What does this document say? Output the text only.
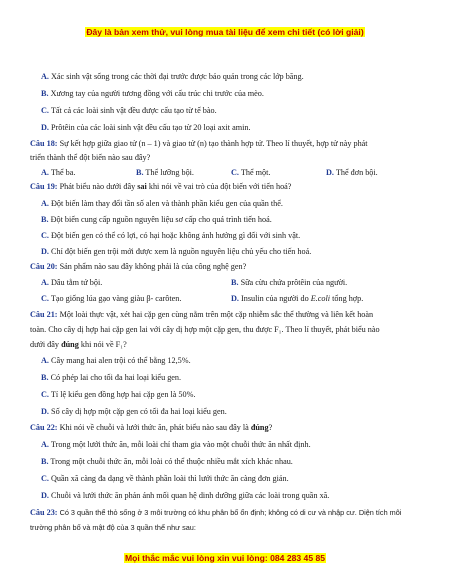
Đây là bản xem thử, vui lòng mua tài liệu để xem chi tiết (có lời giải)
A. Xác sinh vật sống trong các thời đại trước được bảo quản trong các lớp băng.
B. Xương tay của người tương đồng với cấu trúc chi trước của mèo.
C. Tất cả các loài sinh vật đều được cấu tạo từ tế bào.
D. Prôtêin của các loài sinh vật đều cấu tạo từ 20 loại axit amin.
Câu 18: Sự kết hợp giữa giao tử (n – 1) và giao tử (n) tạo thành hợp tử. Theo lí thuyết, hợp tử này phát
triển thành thể đột biến nào sau đây?
A. Thể ba.	B. Thể lưỡng bội.	C. Thể một.	D. Thể đơn bội.
Câu 19: Phát biểu nào dưới đây sai khi nói về vai trò của đột biến với tiến hoá?
A. Đột biến làm thay đổi tần số alen và thành phần kiểu gen của quần thể.
B. Đột biến cung cấp nguồn nguyên liệu sơ cấp cho quá trình tiến hoá.
C. Đột biến gen có thể có lợi, có hại hoặc không ảnh hưởng gì đối với sinh vật.
D. Chỉ đột biến gen trội mới được xem là nguồn nguyên liệu chủ yếu cho tiến hoá.
Câu 20: Sản phẩm nào sau đây không phải là của công nghệ gen?
A. Dâu tằm tứ bội.	B. Sữa cừu chứa prôtêin của người.
C. Tạo giống lúa gạo vàng giàu β- carôten.	D. Insulin của người do E.coli tổng hợp.
Câu 21: Một loài thực vật, xét hai cặp gen cùng nằm trên một cặp nhiễm sắc thể thường và liên kết hoàn
toàn. Cho cây dị hợp hai cặp gen lai với cây dị hợp một cặp gen, thu được F₁. Theo lí thuyết, phát biểu nào
dưới đây đúng khi nói về F₁?
A. Cây mang hai alen trội có thể bằng 12,5%.
B. Có phép lai cho tối đa hai loại kiểu gen.
C. Tỉ lệ kiểu gen đồng hợp hai cặp gen là 50%.
D. Số cây dị hợp một cặp gen có tối đa hai loại kiểu gen.
Câu 22: Khi nói về chuỗi và lưới thức ăn, phát biểu nào sau đây là đúng?
A. Trong một lưới thức ăn, mỗi loài chỉ tham gia vào một chuỗi thức ăn nhất định.
B. Trong một chuỗi thức ăn, mỗi loài có thể thuộc nhiều mắt xích khác nhau.
C. Quần xã càng đa dạng về thành phần loài thì lưới thức ăn càng đơn giản.
D. Chuỗi và lưới thức ăn phản ánh mối quan hệ dinh dưỡng giữa các loài trong quần xã.
Câu 23: Có 3 quần thể thỏ sống ở 3 môi trường có khu phân bố ổn định; không có di cư và nhập cư. Diện tích môi
trường phân bố và mật độ của 3 quần thể như sau:
Mọi thắc mắc vui lòng xin vui lòng: 084 283 45 85
